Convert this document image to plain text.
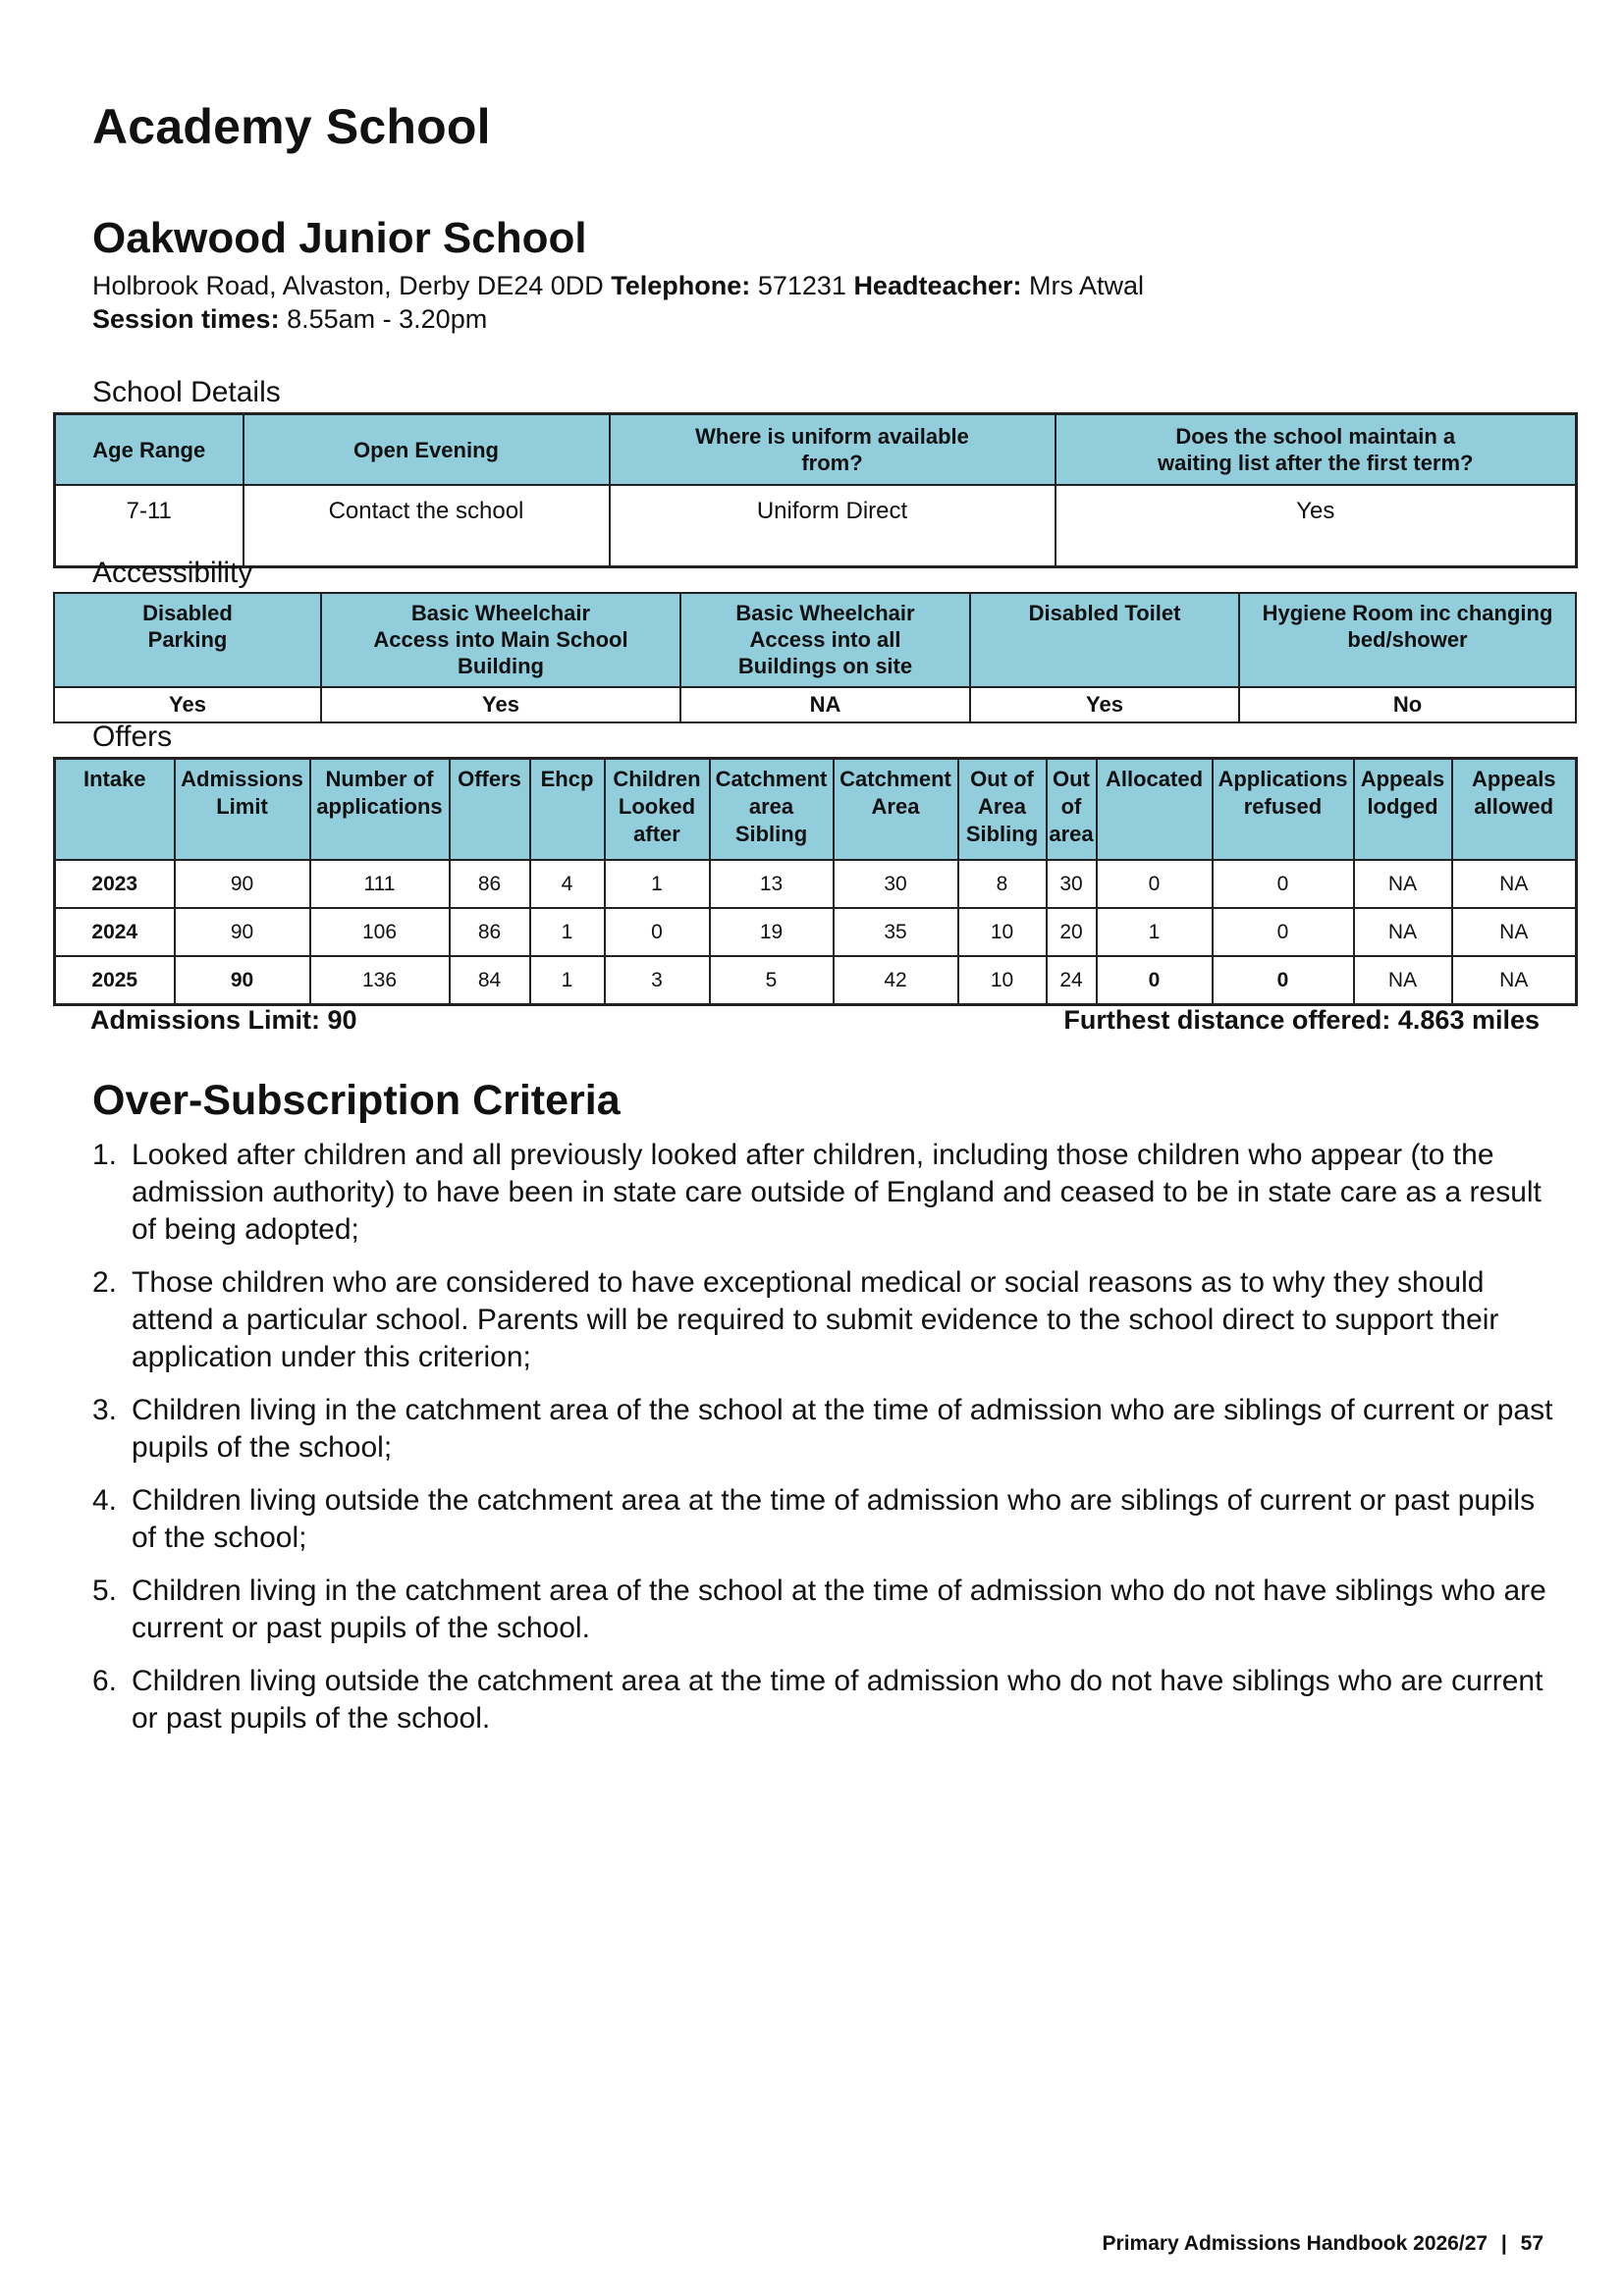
Academy School
Oakwood Junior School
Holbrook Road, Alvaston, Derby DE24 0DD Telephone: 571231 Headteacher: Mrs Atwal
Session times: 8.55am - 3.20pm
School Details
Age Range	Open Evening	Where is uniform available from?	Does the school maintain a waiting list after the first term?
7-11	Contact the school	Uniform Direct	Yes
Accessibility
Disabled Parking	Basic Wheelchair Access into Main School Building	Basic Wheelchair Access into all Buildings on site	Disabled Toilet	Hygiene Room inc changing bed/shower
Yes	Yes	NA	Yes	No
Offers
Intake	Admissions Limit	Number of applications	Offers	Ehcp	Children Looked after	Catchment area Sibling	Catchment Area	Out of Area Sibling	Out of area	Allocated	Applications refused	Appeals lodged	Appeals allowed
2023	90	111	86	4	1	13	30	8	30	0	0	NA	NA
2024	90	106	86	1	0	19	35	10	20	1	0	NA	NA
2025	90	136	84	1	3	5	42	10	24	0	0	NA	NA
Admissions Limit: 90	Furthest distance offered: 4.863 miles
Over-Subscription Criteria
1. Looked after children and all previously looked after children, including those children who appear (to the admission authority) to have been in state care outside of England and ceased to be in state care as a result of being adopted;
2. Those children who are considered to have exceptional medical or social reasons as to why they should attend a particular school. Parents will be required to submit evidence to the school direct to support their application under this criterion;
3. Children living in the catchment area of the school at the time of admission who are siblings of current or past pupils of the school;
4. Children living outside the catchment area at the time of admission who are siblings of current or past pupils of the school;
5. Children living in the catchment area of the school at the time of admission who do not have siblings who are current or past pupils of the school.
6. Children living outside the catchment area at the time of admission who do not have siblings who are current or past pupils of the school.
Primary Admissions Handbook 2026/27 | 57
